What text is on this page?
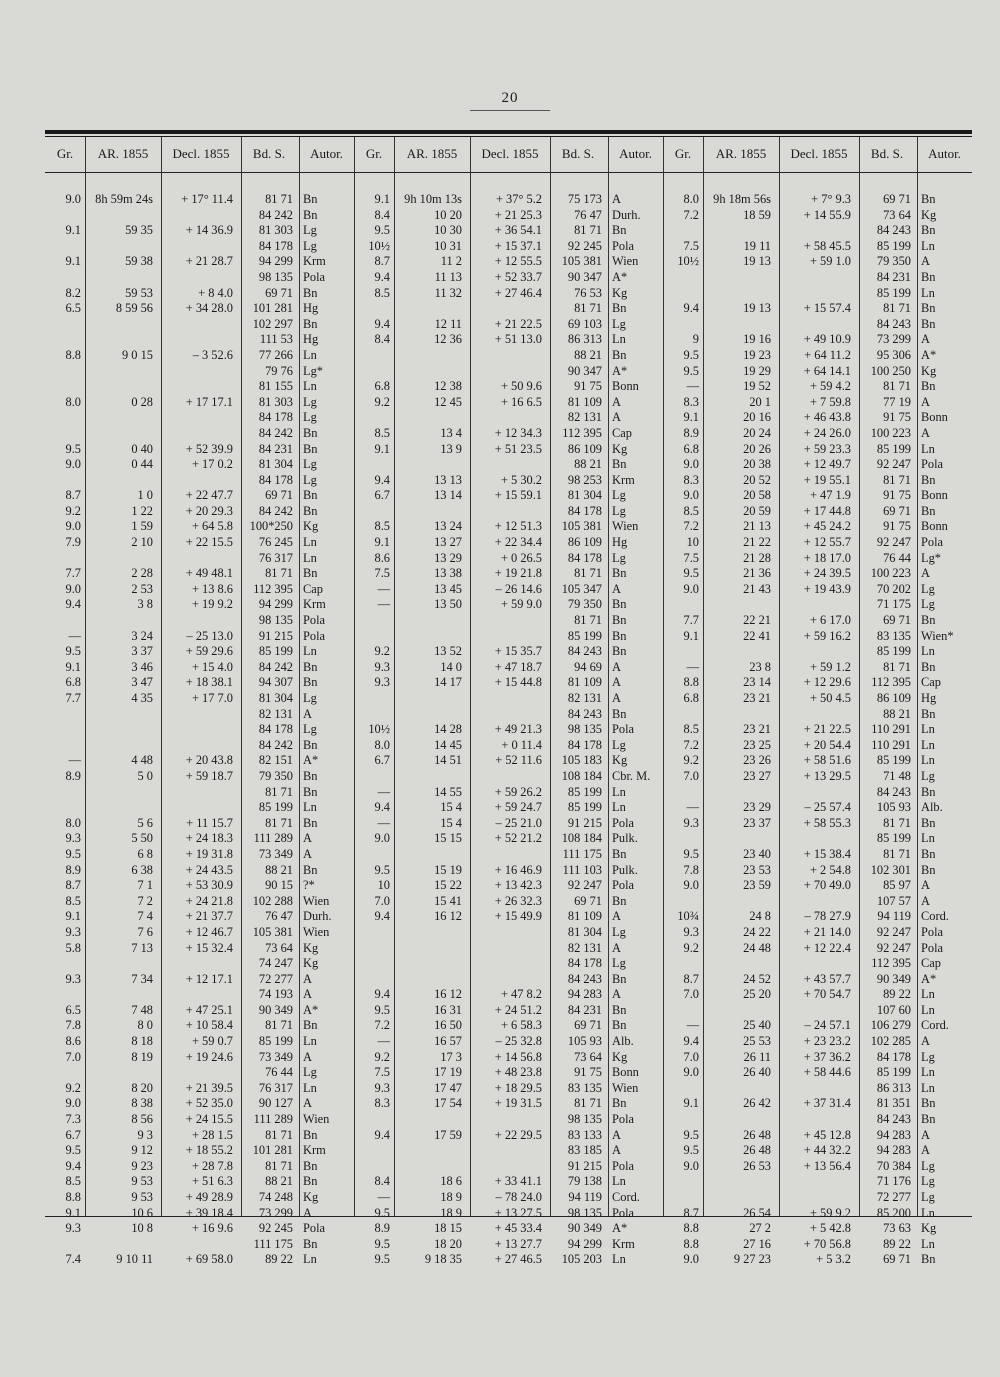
20
Gr.	AR. 1855	Decl. 1855	Bd. S.	Autor.
9.0	8h 59m 24s	+ 17° 11.4	81 71 Bn
84 242 Bn
9.1	59 35	+ 14 36.9	81 303 Lg
84 178 Lg
9.1	59 38	+ 21 28.7	94 299 Krm
98 135 Pola
8.2	59 53	+ 8 4.0	69 71 Bn
6.5	8 59 56	+ 34 28.0	101 281 Hg
102 297 Bn
111 53 Hg
8.8	9 0 15	– 3 52.6	77 266 Ln
79 76 Lg*
81 155 Ln
8.0	0 28	+ 17 17.1	81 303 Lg
84 178 Lg
84 242 Bn
9.5	0 40	+ 52 39.9	84 231 Bn
9.0	0 44	+ 17 0.2	81 304 Lg
84 178 Lg
8.7	1 0	+ 22 47.7	69 71 Bn
9.2	1 22	+ 20 29.3	84 242 Bn
9.0	1 59	+ 64 5.8	100*250 Kg
7.9	2 10	+ 22 15.5	76 245 Ln
76 317 Ln
7.7	2 28	+ 49 48.1	81 71 Bn
9.0	2 53	+ 13 8.6	112 395 Cap
9.4	3 8	+ 19 9.2	94 299 Krm
98 135 Pola
—	3 24	– 25 13.0	91 215 Pola
9.5	3 37	+ 59 29.6	85 199 Ln
9.1	3 46	+ 15 4.0	84 242 Bn
6.8	3 47	+ 18 38.1	94 307 Bn
7.7	4 35	+ 17 7.0	81 304 Lg
82 131 A
84 178 Lg
84 242 Bn
—	4 48	+ 20 43.8	82 151 A*
8.9	5 0	+ 59 18.7	79 350 Bn
81 71 Bn
85 199 Ln
8.0	5 6	+ 11 15.7	81 71 Bn
9.3	5 50	+ 24 18.3	111 289 A
9.5	6 8	+ 19 31.8	73 349 A
8.9	6 38	+ 24 43.5	88 21 Bn
8.7	7 1	+ 53 30.9	90 15 ?*
8.5	7 2	+ 24 21.8	102 288 Wien
9.1	7 4	+ 21 37.7	76 47 Durh.
9.3	7 6	+ 12 46.7	105 381 Wien
5.8	7 13	+ 15 32.4	73 64 Kg
74 247 Kg
9.3	7 34	+ 12 17.1	72 277 A
74 193 A
6.5	7 48	+ 47 25.1	90 349 A*
7.8	8 0	+ 10 58.4	81 71 Bn
8.6	8 18	+ 59 0.7	85 199 Ln
7.0	8 19	+ 19 24.6	73 349 A
76 44 Lg
9.2	8 20	+ 21 39.5	76 317 Ln
9.0	8 38	+ 52 35.0	90 127 A
7.3	8 56	+ 24 15.5	111 289 Wien
6.7	9 3	+ 28 1.5	81 71 Bn
9.5	9 12	+ 18 55.2	101 281 Krm
9.4	9 23	+ 28 7.8	81 71 Bn
8.5	9 53	+ 51 6.3	88 21 Bn
8.8	9 53	+ 49 28.9	74 248 Kg
9.1	10 6	+ 39 18.4	73 299 A
9.3	10 8	+ 16 9.6	92 245 Pola
111 175 Bn
7.4	9 10 11	+ 69 58.0	89 22 Ln
Gr.	AR. 1855	Decl. 1855	Bd. S.	Autor.
9.1	9h 10m 13s	+ 37° 5.2	75 173 A
8.4	10 20	+ 21 25.3	76 47 Durh.
9.5	10 30	+ 36 54.1	81 71 Bn
10½	10 31	+ 15 37.1	92 245 Pola
8.7	11 2	+ 12 55.5	105 381 Wien
9.4	11 13	+ 52 33.7	90 347 A*
8.5	11 32	+ 27 46.4	76 53 Kg
81 71 Bn
9.4	12 11	+ 21 22.5	69 103 Lg
8.4	12 36	+ 51 13.0	86 313 Ln
88 21 Bn
90 347 A*
6.8	12 38	+ 50 9.6	91 75 Bonn
9.2	12 45	+ 16 6.5	81 109 A
82 131 A
8.5	13 4	+ 12 34.3	112 395 Cap
9.1	13 9	+ 51 23.5	86 109 Kg
88 21 Bn
9.4	13 13	+ 5 30.2	98 253 Krm
6.7	13 14	+ 15 59.1	81 304 Lg
84 178 Lg
8.5	13 24	+ 12 51.3	105 381 Wien
9.1	13 27	+ 22 34.4	86 109 Hg
8.6	13 29	+ 0 26.5	84 178 Lg
7.5	13 38	+ 19 21.8	81 71 Bn
—	13 45	– 26 14.6	105 347 A
—	13 50	+ 59 9.0	79 350 Bn
81 71 Bn
85 199 Bn
9.2	13 52	+ 15 35.7	84 243 Bn
9.3	14 0	+ 47 18.7	94 69 A
9.3	14 17	+ 15 44.8	81 109 A
82 131 A
84 243 Bn
10½	14 28	+ 49 21.3	98 135 Pola
8.0	14 45	+ 0 11.4	84 178 Lg
6.7	14 51	+ 52 11.6	105 183 Kg
108 184 Cbr. M.
—	14 55	+ 59 26.2	85 199 Ln
9.4	15 4	+ 59 24.7	85 199 Ln
—	15 4	– 25 21.0	91 215 Pola
9.0	15 15	+ 52 21.2	108 184 Pulk.
111 175 Bn
9.5	15 19	+ 16 46.9	111 103 Pulk.
10	15 22	+ 13 42.3	92 247 Pola
7.0	15 41	+ 26 32.3	69 71 Bn
9.4	16 12	+ 15 49.9	81 109 A
81 304 Lg
82 131 A
84 178 Lg
84 243 Bn
9.4	16 12	+ 47 8.2	94 283 A
9.5	16 31	+ 24 51.2	84 231 Bn
7.2	16 50	+ 6 58.3	69 71 Bn
—	16 57	– 25 32.8	105 93 Alb.
9.2	17 3	+ 14 56.8	73 64 Kg
7.5	17 19	+ 48 23.8	91 75 Bonn
9.3	17 47	+ 18 29.5	83 135 Wien
8.3	17 54	+ 19 31.5	81 71 Bn
98 135 Pola
9.4	17 59	+ 22 29.5	83 133 A
83 185 A
91 215 Pola
8.4	18 6	+ 33 41.1	79 138 Ln
—	18 9	– 78 24.0	94 119 Cord.
9.5	18 9	+ 13 27.5	98 135 Pola
8.9	18 15	+ 45 33.4	90 349 A*
9.5	18 20	+ 13 27.7	94 299 Krm
9.5	9 18 35	+ 27 46.5	105 203 Ln
Gr.	AR. 1855	Decl. 1855	Bd. S.	Autor.
8.0	9h 18m 56s	+ 7° 9.3	69 71 Bn
7.2	18 59	+ 14 55.9	73 64 Kg
84 243 Bn
7.5	19 11	+ 58 45.5	85 199 Ln
10½	19 13	+ 59 1.0	79 350 A
84 231 Bn
85 199 Ln
9.4	19 13	+ 15 57.4	81 71 Bn
84 243 Bn
9	19 16	+ 49 10.9	73 299 A
9.5	19 23	+ 64 11.2	95 306 A*
9.5	19 29	+ 64 14.1	100 250 Kg
—	19 52	+ 59 4.2	81 71 Bn
8.3	20 1	+ 7 59.8	77 19 A
9.1	20 16	+ 46 43.8	91 75 Bonn
8.9	20 24	+ 24 26.0	100 223 A
6.8	20 26	+ 59 23.3	85 199 Ln
9.0	20 38	+ 12 49.7	92 247 Pola
8.3	20 52	+ 19 55.1	81 71 Bn
9.0	20 58	+ 47 1.9	91 75 Bonn
8.5	20 59	+ 17 44.8	69 71 Bn
7.2	21 13	+ 45 24.2	91 75 Bonn
10	21 22	+ 12 55.7	92 247 Pola
7.5	21 28	+ 18 17.0	76 44 Lg*
9.5	21 36	+ 24 39.5	100 223 A
9.0	21 43	+ 19 43.9	70 202 Lg
71 175 Lg
7.7	22 21	+ 6 17.0	69 71 Bn
9.1	22 41	+ 59 16.2	83 135 Wien*
85 199 Ln
—	23 8	+ 59 1.2	81 71 Bn
8.8	23 14	+ 12 29.6	112 395 Cap
6.8	23 21	+ 50 4.5	86 109 Hg
88 21 Bn
8.5	23 21	+ 21 22.5	110 291 Ln
7.2	23 25	+ 20 54.4	110 291 Ln
9.2	23 26	+ 58 51.6	85 199 Ln
7.0	23 27	+ 13 29.5	71 48 Lg
84 243 Bn
—	23 29	– 25 57.4	105 93 Alb.
9.3	23 37	+ 58 55.3	81 71 Bn
85 199 Ln
9.5	23 40	+ 15 38.4	81 71 Bn
7.8	23 53	+ 2 54.8	102 301 Bn
9.0	23 59	+ 70 49.0	85 97 A
107 57 A
10¾	24 8	– 78 27.9	94 119 Cord.
9.3	24 22	+ 21 14.0	92 247 Pola
9.2	24 48	+ 12 22.4	92 247 Pola
112 395 Cap
8.7	24 52	+ 43 57.7	90 349 A*
7.0	25 20	+ 70 54.7	89 22 Ln
107 60 Ln
—	25 40	– 24 57.1	106 279 Cord.
9.4	25 53	+ 23 23.2	102 285 A
7.0	26 11	+ 37 36.2	84 178 Lg
9.0	26 40	+ 58 44.6	85 199 Ln
86 313 Ln
9.1	26 42	+ 37 31.4	81 351 Bn
84 243 Bn
9.5	26 48	+ 45 12.8	94 283 A
9.5	26 48	+ 44 32.2	94 283 A
9.0	26 53	+ 13 56.4	70 384 Lg
71 176 Lg
72 277 Lg
8.7	26 54	+ 59 9.2	85 200 Ln
8.8	27 2	+ 5 42.8	73 63 Kg
8.8	27 16	+ 70 56.8	89 22 Ln
9.0	9 27 23	+ 5 3.2	69 71 Bn
